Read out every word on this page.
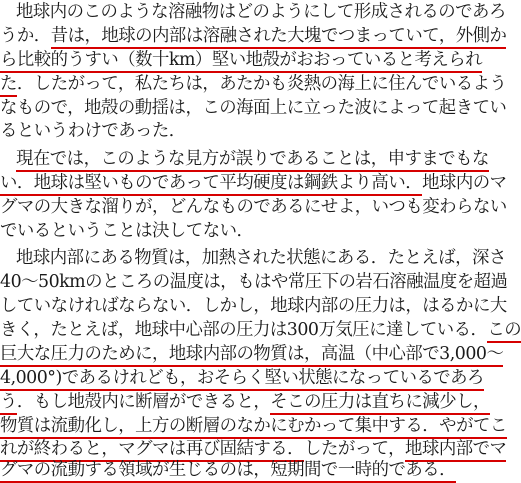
地球内のこのような溶融物はどのようにして形成されるのであろ
うか．昔は，地球の内部は溶融された大塊でつまっていて，外側か
ら比較的うすい（数十km）堅い地殻がおおっていると考えられ
た．したがって，私たちは，あたかも炎熱の海上に住んでいるよう
なもので，地殻の動揺は，この海面上に立った波によって起きてい
るというわけであった．
現在では，このような見方が誤りであることは，申すまでもな
い．地球は堅いものであって平均硬度は鋼鉄より高い．地球内のマ
グマの大きな溜りが，どんなものであるにせよ，いつも変わらない
でいるということは決してない．
地球内部にある物質は，加熱された状態にある．たとえば，深さ
40〜50kmのところの温度は，もはや常圧下の岩石溶融温度を超過
していなければならない．しかし，地球内部の圧力は，はるかに大
きく，たとえば，地球中心部の圧力は300万気圧に達している．この
巨大な圧力のために，地球内部の物質は，高温（中心部で3,000〜
4,000°)であるけれども，おそらく堅い状態になっているであろ
う．もし地殻内に断層ができると，そこの圧力は直ちに減少し，
物質は流動化し，上方の断層のなかにむかって集中する．やがてこ
れが終わると，マグマは再び固結する．したがって，地球内部でマ
グマの流動する領域が生じるのは，短期間で一時的である．
